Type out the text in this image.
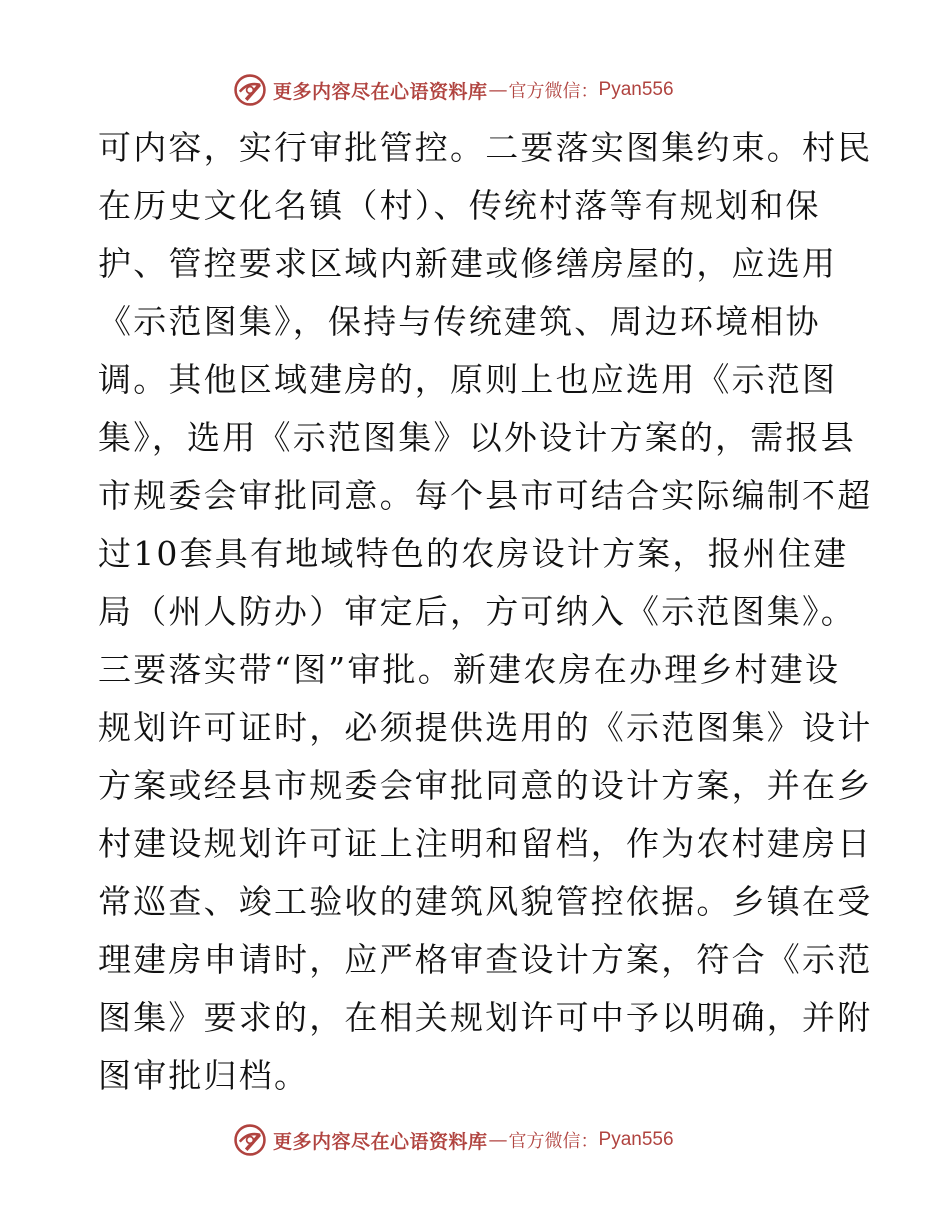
更多内容尽在心语资料库 — 官方微信： Pyan556
可内容，实行审批管控。二要落实图集约束。村民
在历史文化名镇（村）、传统村落等有规划和保
护、管控要求区域内新建或修缮房屋的，应选用
《示范图集》，保持与传统建筑、周边环境相协
调。其他区域建房的，原则上也应选用《示范图
集》，选用《示范图集》以外设计方案的，需报县
市规委会审批同意。每个县市可结合实际编制不超
过10套具有地域特色的农房设计方案，报州住建
局（州人防办）审定后，方可纳入《示范图集》。
三要落实带“图”审批。新建农房在办理乡村建设
规划许可证时，必须提供选用的《示范图集》设计
方案或经县市规委会审批同意的设计方案，并在乡
村建设规划许可证上注明和留档，作为农村建房日
常巡查、竣工验收的建筑风貌管控依据。乡镇在受
理建房申请时，应严格审查设计方案，符合《示范
图集》要求的，在相关规划许可中予以明确，并附
图审批归档。
更多内容尽在心语资料库 — 官方微信： Pyan556
